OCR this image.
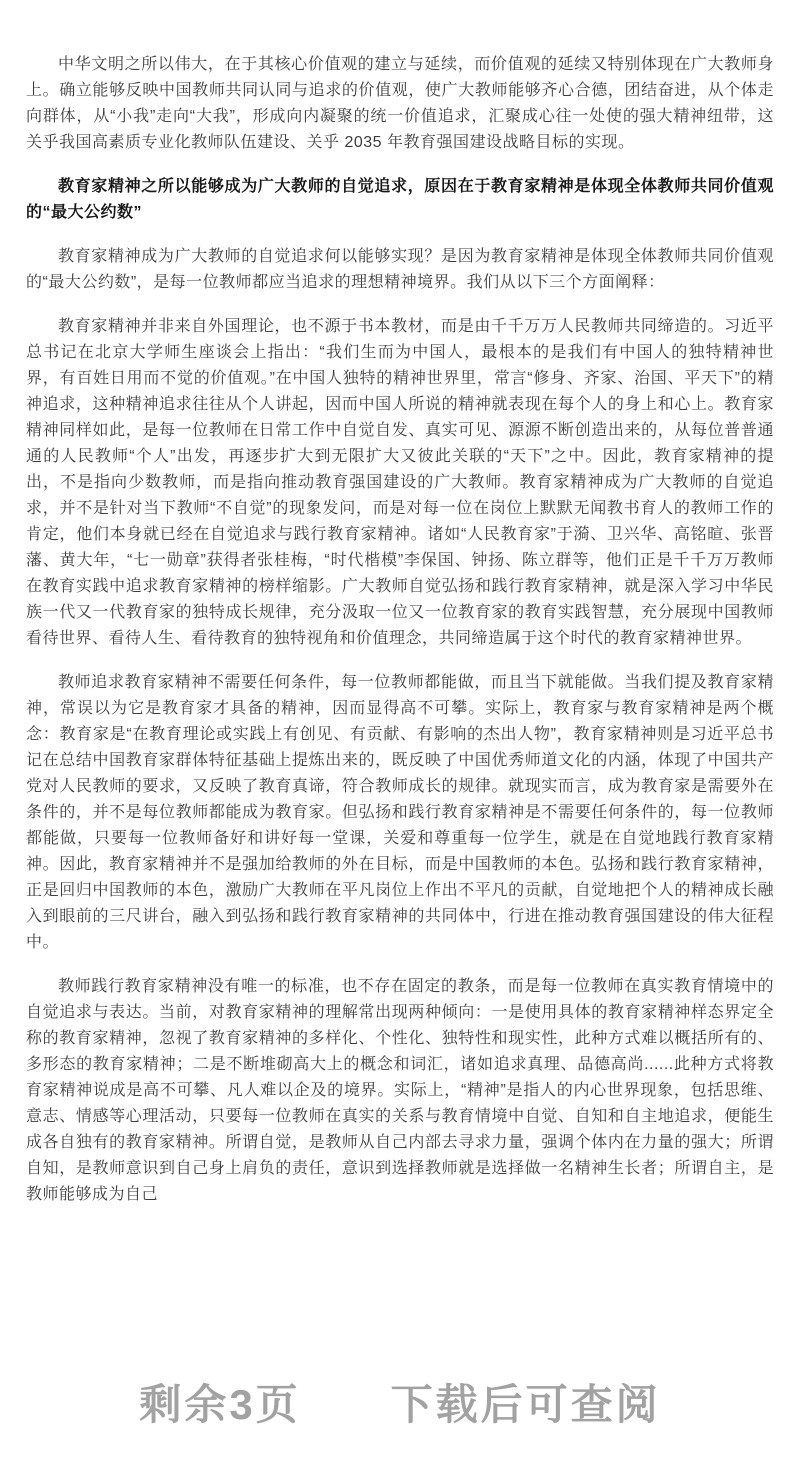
中华文明之所以伟大，在于其核心价值观的建立与延续，而价值观的延续又特别体现在广大教师身上。确立能够反映中国教师共同认同与追求的价值观，使广大教师能够齐心合德，团结奋进，从个体走向群体，从“小我”走向“大我”，形成向内凝聚的统一价值追求，汇聚成心往一处使的强大精神纽带，这关乎我国高素质专业化教师队伍建设、关乎 2035 年教育强国建设战略目标的实现。

教育家精神之所以能够成为广大教师的自觉追求，原因在于教育家精神是体现全体教师共同价值观的“最大公约数”

教育家精神成为广大教师的自觉追求何以能够实现？是因为教育家精神是体现全体教师共同价值观的“最大公约数”，是每一位教师都应当追求的理想精神境界。我们从以下三个方面阐释：

教育家精神并非来自外国理论，也不源于书本教材，而是由千千万万人民教师共同缔造的。习近平总书记在北京大学师生座谈会上指出：“我们生而为中国人，最根本的是我们有中国人的独特精神世界，有百姓日用而不觉的价值观。”在中国人独特的精神世界里，常言“修身、齐家、治国、平天下”的精神追求，这种精神追求往往从个人讲起，因而中国人所说的精神就表现在每个人的身上和心上。教育家精神同样如此，是每一位教师在日常工作中自觉自发、真实可见、源源不断创造出来的，从每位普普通通的人民教师“个人”出发，再逐步扩大到无限扩大又彼此关联的“天下”之中。因此，教育家精神的提出，不是指向少数教师，而是指向推动教育强国建设的广大教师。教育家精神成为广大教师的自觉追求，并不是针对当下教师“不自觉”的现象发问，而是对每一位在岗位上默默无闻教书育人的教师工作的肯定，他们本身就已经在自觉追求与践行教育家精神。诸如“人民教育家”于漪、卫兴华、高铭暄、张晋藩、黄大年，“七一勋章”获得者张桂梅，“时代楷模”李保国、钟扬、陈立群等，他们正是千千万万教师在教育实践中追求教育家精神的榜样缩影。广大教师自觉弘扬和践行教育家精神，就是深入学习中华民族一代又一代教育家的独特成长规律，充分汲取一位又一位教育家的教育实践智慧，充分展现中国教师看待世界、看待人生、看待教育的独特视角和价值理念，共同缔造属于这个时代的教育家精神世界。

教师追求教育家精神不需要任何条件，每一位教师都能做，而且当下就能做。当我们提及教育家精神，常误以为它是教育家才具备的精神，因而显得高不可攀。实际上，教育家与教育家精神是两个概念：教育家是“在教育理论或实践上有创见、有贡献、有影响的杰出人物”，教育家精神则是习近平总书记在总结中国教育家群体特征基础上提炼出来的，既反映了中国优秀师道文化的内涵，体现了中国共产党对人民教师的要求，又反映了教育真谛，符合教师成长的规律。就现实而言，成为教育家是需要外在条件的，并不是每位教师都能成为教育家。但弘扬和践行教育家精神是不需要任何条件的，每一位教师都能做，只要每一位教师备好和讲好每一堂课，关爱和尊重每一位学生，就是在自觉地践行教育家精神。因此，教育家精神并不是强加给教师的外在目标，而是中国教师的本色。弘扬和践行教育家精神，正是回归中国教师的本色，激励广大教师在平凡岗位上作出不平凡的贡献，自觉地把个人的精神成长融入到眼前的三尺讲台，融入到弘扬和践行教育家精神的共同体中，行进在推动教育强国建设的伟大征程中。

教师践行教育家精神没有唯一的标准，也不存在固定的教条，而是每一位教师在真实教育情境中的自觉追求与表达。当前，对教育家精神的理解常出现两种倾向：一是使用具体的教育家精神样态界定全称的教育家精神，忽视了教育家精神的多样化、个性化、独特性和现实性，此种方式难以概括所有的、多形态的教育家精神；二是不断堆砌高大上的概念和词汇，诸如追求真理、品德高尚......此种方式将教育家精神说成是高不可攀、凡人难以企及的境界。实际上，“精神”是指人的内心世界现象，包括思维、意志、情感等心理活动，只要每一位教师在真实的关系与教育情境中自觉、自知和自主地追求，便能生成各自独有的教育家精神。所谓自觉，是教师从自己内部去寻求力量，强调个体内在力量的强大；所谓自知，是教师意识到自己身上肩负的责任，意识到选择教师就是选择做一名精神生长者；所谓自主，是教师能够成为自己

剩余3页　　下载后可查阅
